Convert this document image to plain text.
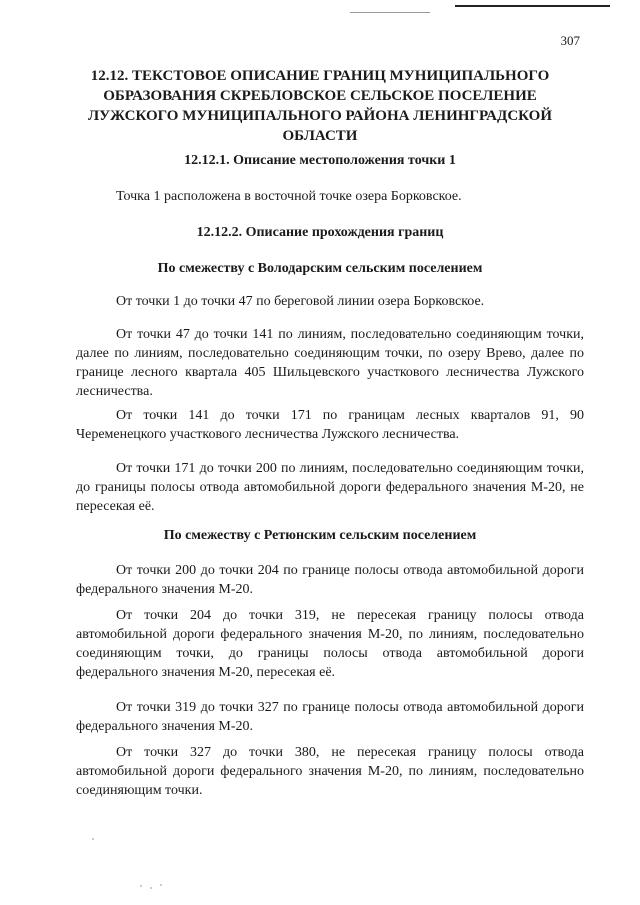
307
12.12. ТЕКСТОВОЕ ОПИСАНИЕ ГРАНИЦ МУНИЦИПАЛЬНОГО ОБРАЗОВАНИЯ СКРЕБЛОВСКОЕ СЕЛЬСКОЕ ПОСЕЛЕНИЕ ЛУЖСКОГО МУНИЦИПАЛЬНОГО РАЙОНА ЛЕНИНГРАДСКОЙ ОБЛАСТИ
12.12.1. Описание местоположения точки 1
Точка 1 расположена в восточной точке озера Борковское.
12.12.2. Описание прохождения границ
По смежеству с Володарским сельским поселением
От точки 1 до точки 47 по береговой линии озера Борковское.
От точки 47 до точки 141 по линиям, последовательно соединяющим точки, далее по линиям, последовательно соединяющим точки, по озеру Врево, далее по границе лесного квартала 405 Шильцевского участкового лесничества Лужского лесничества.
От точки 141 до точки 171 по границам лесных кварталов 91, 90 Череменецкого участкового лесничества Лужского лесничества.
От точки 171 до точки 200 по линиям, последовательно соединяющим точки, до границы полосы отвода автомобильной дороги федерального значения М-20, не пересекая её.
По смежеству с Ретюнским сельским поселением
От точки 200 до точки 204 по границе полосы отвода автомобильной дороги федерального значения М-20.
От точки 204 до точки 319, не пересекая границу полосы отвода автомобильной дороги федерального значения М-20, по линиям, последовательно соединяющим точки, до границы полосы отвода автомобильной дороги федерального значения М-20, пересекая её.
От точки 319 до точки 327 по границе полосы отвода автомобильной дороги федерального значения М-20.
От точки 327 до точки 380, не пересекая границу полосы отвода автомобильной дороги федерального значения М-20, по линиям, последовательно соединяющим точки.
